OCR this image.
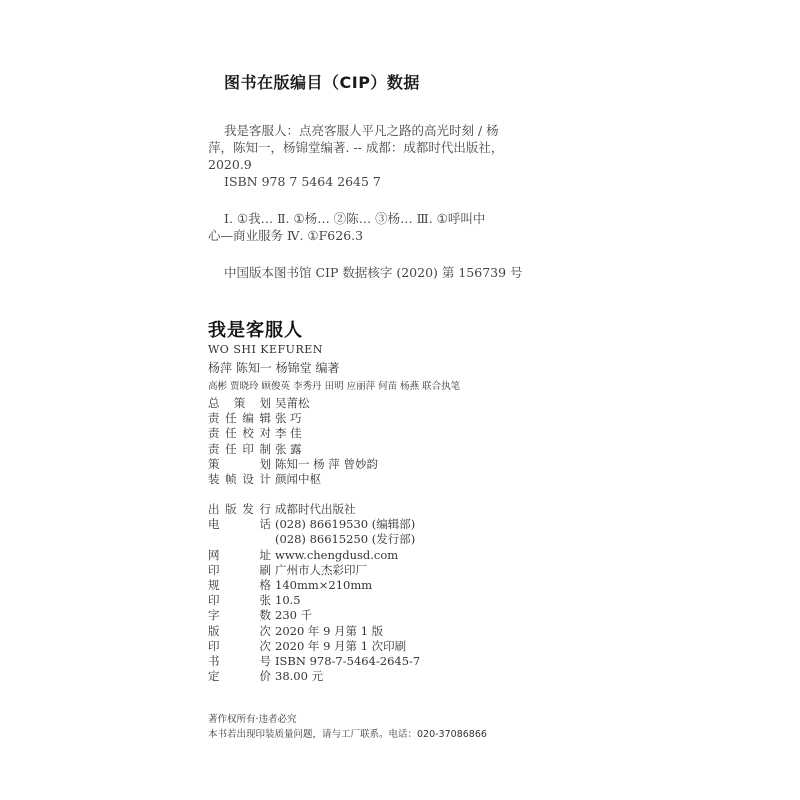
图书在版编目（CIP）数据
我是客服人：点亮客服人平凡之路的高光时刻 / 杨
萍，陈知一，杨锦堂编著. -- 成都：成都时代出版社，
2020.9
ISBN 978 7 5464 2645 7
Ⅰ. ①我… Ⅱ. ①杨… ②陈… ③杨… Ⅲ. ①呼叫中
心—商业服务 Ⅳ. ①F626.3
中国版本图书馆 CIP 数据核字 (2020) 第 156739 号
我是客服人
WO SHI KEFUREN
杨萍 陈知一 杨锦堂 编著
高彬 贾晓玲 顾俊英 李秀丹 田明 应丽萍 何苗 杨燕 联合执笔
总策划 吴莆松
责任编辑 张 巧
责任校对 李 佳
责任印制 张 露
策划 陈知一 杨 萍 曾妙韵
装帧设计 颜闻中枢
出版发行 成都时代出版社
电话 (028) 86619530 (编辑部)
(028) 86615250 (发行部)
网址 www.chengdusd.com
印刷 广州市人杰彩印厂
规格 140mm×210mm
印张 10.5
字数 230 千
版次 2020 年 9 月第 1 版
印次 2020 年 9 月第 1 次印刷
书号 ISBN 978-7-5464-2645-7
定价 38.00 元
著作权所有·违者必究
本书若出现印装质量问题，请与工厂联系。电话：020-37086866
